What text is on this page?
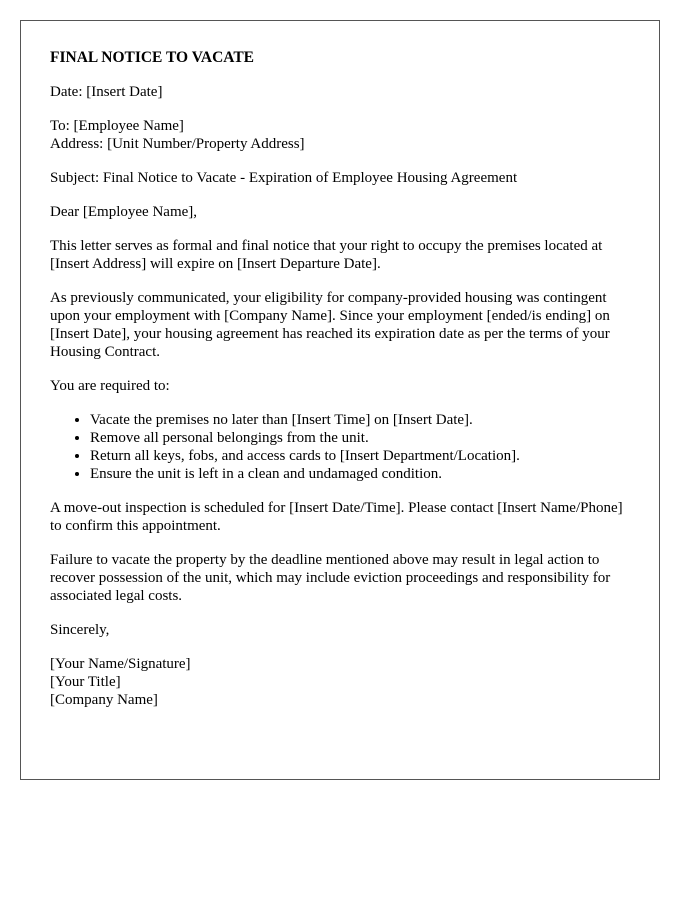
FINAL NOTICE TO VACATE

Date: [Insert Date]

To: [Employee Name]
Address: [Unit Number/Property Address]

Subject: Final Notice to Vacate - Expiration of Employee Housing Agreement

Dear [Employee Name],

This letter serves as formal and final notice that your right to occupy the premises located at [Insert Address] will expire on [Insert Departure Date].

As previously communicated, your eligibility for company-provided housing was contingent upon your employment with [Company Name]. Since your employment [ended/is ending] on [Insert Date], your housing agreement has reached its expiration date as per the terms of your Housing Contract.

You are required to:

• Vacate the premises no later than [Insert Time] on [Insert Date].
• Remove all personal belongings from the unit.
• Return all keys, fobs, and access cards to [Insert Department/Location].
• Ensure the unit is left in a clean and undamaged condition.

A move-out inspection is scheduled for [Insert Date/Time]. Please contact [Insert Name/Phone] to confirm this appointment.

Failure to vacate the property by the deadline mentioned above may result in legal action to recover possession of the unit, which may include eviction proceedings and responsibility for associated legal costs.

Sincerely,

[Your Name/Signature]
[Your Title]
[Company Name]
